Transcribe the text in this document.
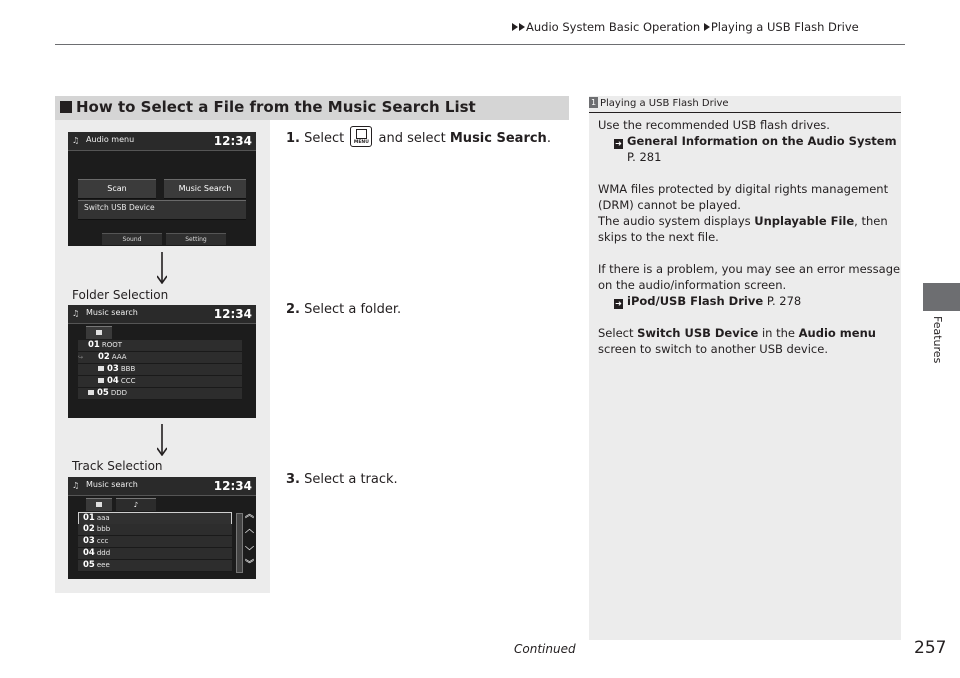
Audio System Basic Operation Playing a USB Flash Drive
Features
How to Select a File from the Music Search List
♫ Audio menu	12:34
Scan	Music Search
Switch USB Device
Sound	Setting
Folder Selection
♫ Music search	12:34
01 ROOT
↪ 02 AAA
03 BBB
04 CCC
05 DDD
Track Selection
♫ Music search	12:34
♪
01 aaa
02 bbb
03 ccc
04 ddd
05 eee
︽
︿
﹀
︾
1. Select	MENU and select Music Search.
2. Select a folder.
3. Select a track.
1 Playing a USB Flash Drive
Use the recommended USB flash drives.
➜ General Information on the Audio System
P. 281
WMA files protected by digital rights management
(DRM) cannot be played.
The audio system displays Unplayable File, then
skips to the next file.
If there is a problem, you may see an error message
on the audio/information screen.
➜ iPod/USB Flash Drive P. 278
Select Switch USB Device in the Audio menu
screen to switch to another USB device.
Continued	257
